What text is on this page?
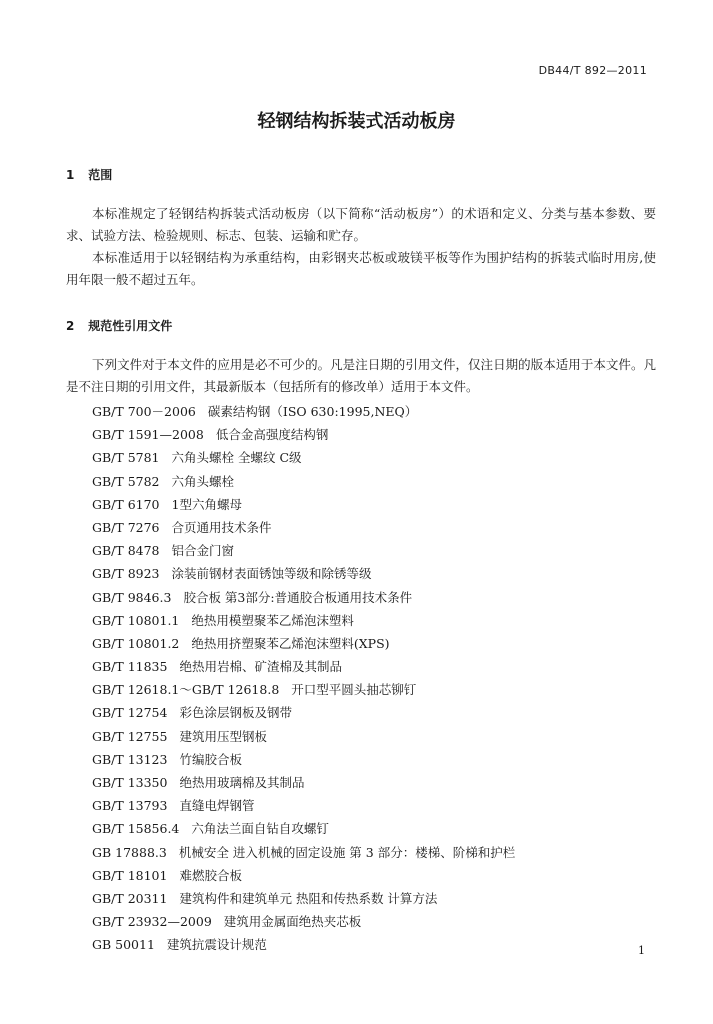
DB44/T 892—2011
轻钢结构拆装式活动板房
1 范围
本标准规定了轻钢结构拆装式活动板房（以下简称“活动板房”）的术语和定义、分类与基本参数、要求、试验方法、检验规则、标志、包装、运输和贮存。
本标准适用于以轻钢结构为承重结构，由彩钢夹芯板或玻镁平板等作为围护结构的拆装式临时用房,使用年限一般不超过五年。
2 规范性引用文件
下列文件对于本文件的应用是必不可少的。凡是注日期的引用文件，仅注日期的版本适用于本文件。凡是不注日期的引用文件，其最新版本（包括所有的修改单）适用于本文件。
GB/T 700－2006 碳素结构钢（ISO 630:1995,NEQ）
GB/T 1591—2008 低合金高强度结构钢
GB/T 5781 六角头螺栓 全螺纹 C级
GB/T 5782 六角头螺栓
GB/T 6170 1型六角螺母
GB/T 7276 合页通用技术条件
GB/T 8478 铝合金门窗
GB/T 8923 涂装前钢材表面锈蚀等级和除锈等级
GB/T 9846.3 胶合板 第3部分:普通胶合板通用技术条件
GB/T 10801.1 绝热用模塑聚苯乙烯泡沫塑料
GB/T 10801.2 绝热用挤塑聚苯乙烯泡沫塑料(XPS)
GB/T 11835 绝热用岩棉、矿渣棉及其制品
GB/T 12618.1～GB/T 12618.8 开口型平圆头抽芯铆钉
GB/T 12754 彩色涂层钢板及钢带
GB/T 12755 建筑用压型钢板
GB/T 13123 竹编胶合板
GB/T 13350 绝热用玻璃棉及其制品
GB/T 13793 直缝电焊钢管
GB/T 15856.4 六角法兰面自钻自攻螺钉
GB 17888.3 机械安全 进入机械的固定设施 第 3 部分：楼梯、阶梯和护栏
GB/T 18101 难燃胶合板
GB/T 20311 建筑构件和建筑单元 热阻和传热系数 计算方法
GB/T 23932—2009 建筑用金属面绝热夹芯板
GB 50011 建筑抗震设计规范	1
